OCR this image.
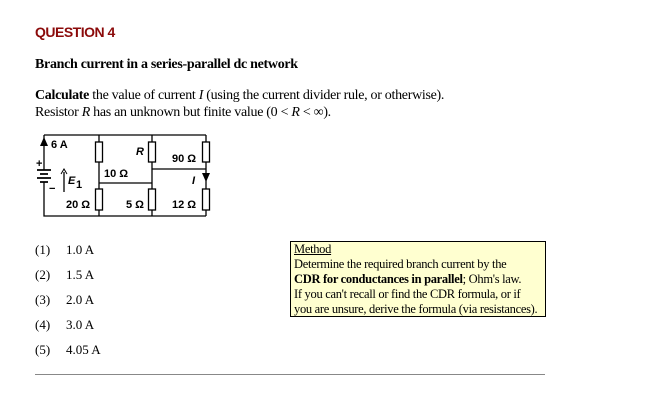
QUESTION 4
Branch current in a series-parallel dc network
Calculate the value of current I (using the current divider rule, or otherwise).
Resistor R has an unknown but finite value (0 < R < ∞).
6 A
+
−
E 1
10 Ω
R
90 Ω
I
20 Ω	5 Ω	12 Ω
(1) 1.0 A
(2) 1.5 A
(3) 2.0 A
(4) 3.0 A
(5) 4.05 A
Method
Determine the required branch current by the
CDR for conductances in parallel; Ohm's law.
If you can't recall or find the CDR formula, or if
you are unsure, derive the formula (via resistances).
